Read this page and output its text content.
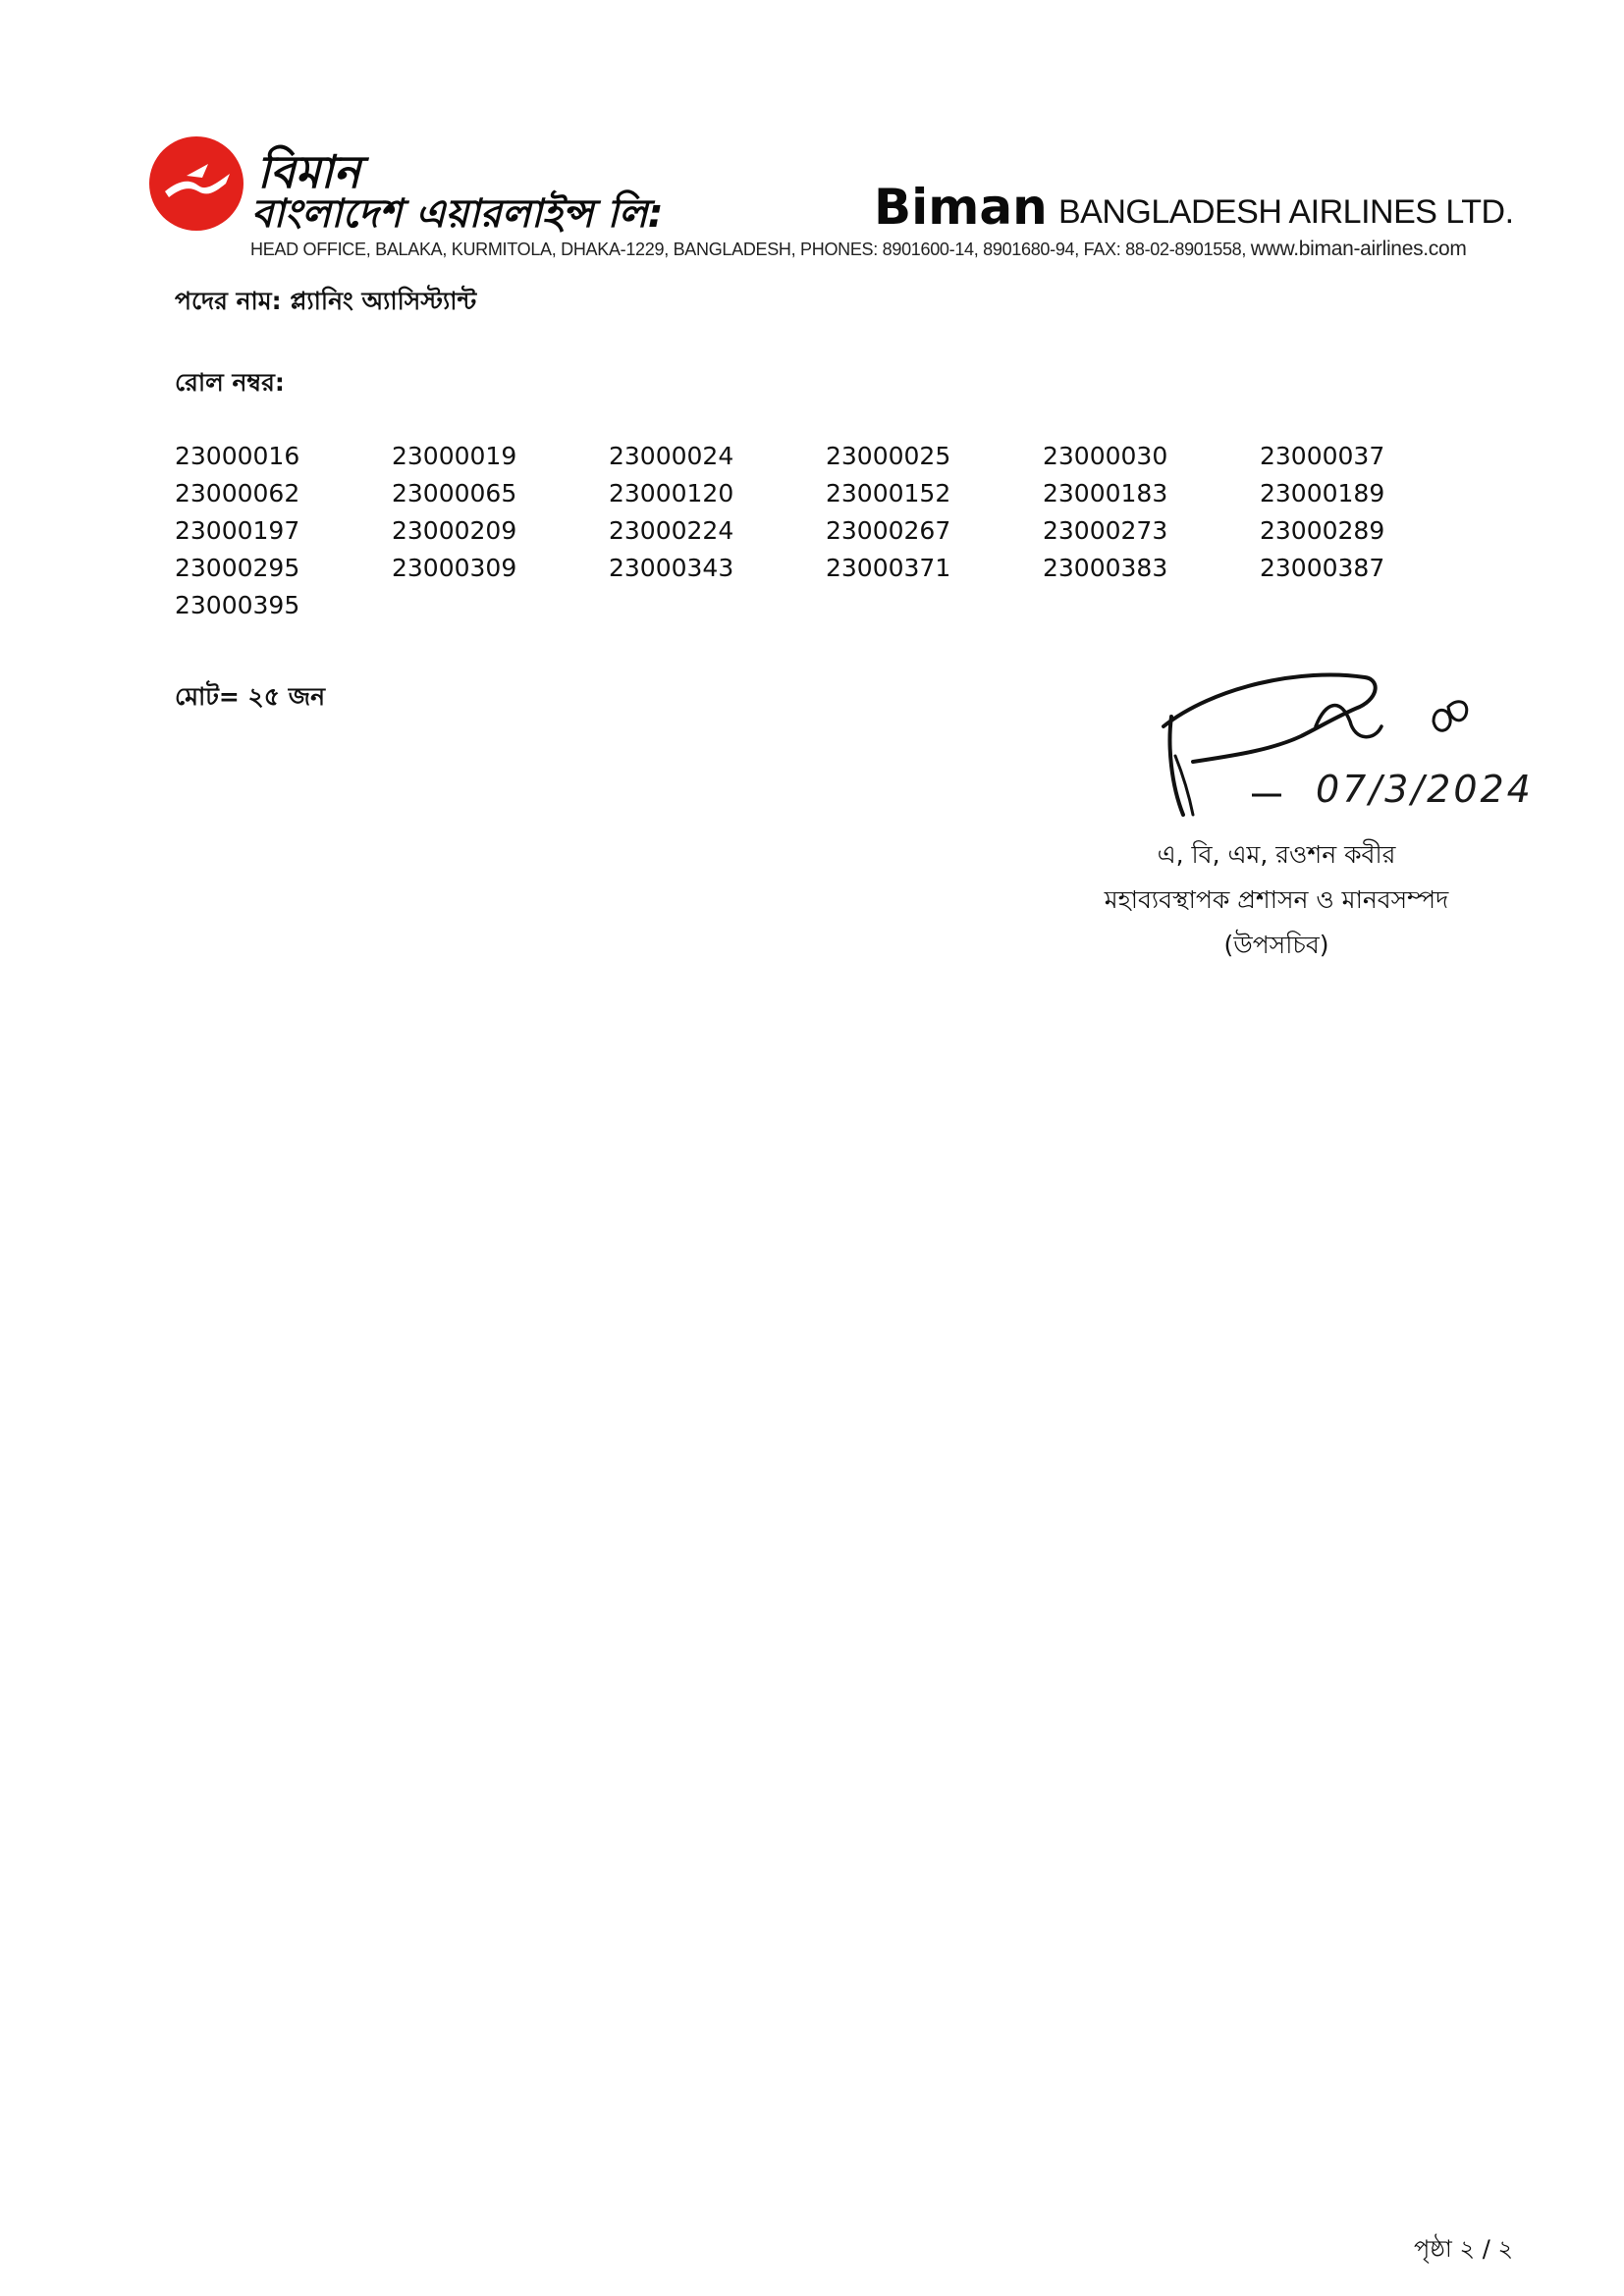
বিমান
বাংলাদেশ এয়ারলাইন্স লি:	Biman BANGLADESH AIRLINES LTD.
HEAD OFFICE, BALAKA, KURMITOLA, DHAKA-1229, BANGLADESH, PHONES: 8901600-14, 8901680-94, FAX: 88-02-8901558, www.biman-airlines.com
পদের নাম: প্ল্যানিং অ্যাসিস্ট্যান্ট
রোল নম্বর:
23000016	23000019	23000024	23000025	23000030	23000037
23000062	23000065	23000120	23000152	23000183	23000189
23000197	23000209	23000224	23000267	23000273	23000289
23000295	23000309	23000343	23000371	23000383	23000387
23000395
মোট= ২৫ জন
07/3/2024
এ, বি, এম, রওশন কবীর
মহাব্যবস্থাপক প্রশাসন ও মানবসম্পদ
(উপসচিব)
পৃষ্ঠা ২ / ২
